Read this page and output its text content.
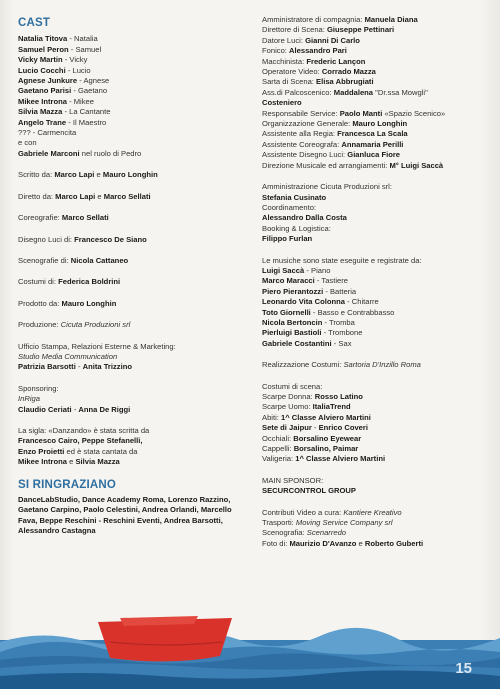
CAST
Natalia Titova - Natalia
Samuel Peron - Samuel
Vicky Martin - Vicky
Lucio Cocchi - Lucio
Agnese Junkure - Agnese
Gaetano Parisi - Gaetano
Mikee Introna - Mikee
Silvia Mazza - La Cantante
Angelo Trane - Il Maestro
??? - Carmencita
e con
Gabriele Marconi nel ruolo di Pedro
Scritto da: Marco Lapi e Mauro Longhin
Diretto da: Marco Lapi e Marco Sellati
Coreografie: Marco Sellati
Disegno Luci di: Francesco De Siano
Scenografie di: Nicola Cattaneo
Costumi di: Federica Boldrini
Prodotto da: Mauro Longhin
Produzione: Cicuta Produzioni srl
Ufficio Stampa, Relazioni Esterne & Marketing:
Studio Media Communication
Patrizia Barsotti - Anita Trizzino
Sponsoring:
InRiga
Claudio Ceriati - Anna De Riggi
La sigla: «Danzando» è stata scritta da
Francesco Cairo, Peppe Stefanelli,
Enzo Proietti ed è stata cantata da
Mikee Introna e Silvia Mazza
SI RINGRAZIANO
DanceLabStudio, Dance Academy Roma, Lorenzo Razzino, Gaetano Carpino, Paolo Celestini, Andrea Orlandi, Marcello Fava, Beppe Reschini - Reschini Eventi, Andrea Barsotti, Alessandro Castagna
Amministratore di compagnia: Manuela Diana
Direttore di Scena: Giuseppe Pettinari
Datore Luci: Gianni Di Carlo
Fonico: Alessandro Pari
Macchinista: Frederic Lançon
Operatore Video: Corrado Mazza
Sarta di Scena: Elisa Abbrugiati
Ass.di Palcoscenico: Maddalena "Dr.ssa Mowgli"
Costeniero
Responsabile Service: Paolo Manti «Spazio Scenico»
Organizzazione Generale: Mauro Longhin
Assistente alla Regia: Francesca La Scala
Assistente Coreografa: Annamaria Perilli
Assistente Disegno Luci: Gianluca Fiore
Direzione Musicale ed arrangiamenti: M° Luigi Saccà
Amministrazione Cicuta Produzioni srl:
Stefania Cusinato
Coordinamento:
Alessandro Dalla Costa
Booking & Logistica:
Filippo Furlan
Le musiche sono state eseguite e registrate da:
Luigi Saccà - Piano
Marco Maracci - Tastiere
Piero Pierantozzi - Batteria
Leonardo Vita Colonna - Chitarre
Toto Giornelli - Basso e Contrabbasso
Nicola Bertoncin - Tromba
Pierluigi Bastioli - Trombone
Gabriele Costantini - Sax
Realizzazione Costumi: Sartoria D'Inzillo Roma
Costumi di scena:
Scarpe Donna: Rosso Latino
Scarpe Uomo: ItaliaTrend
Abiti: 1^ Classe Alviero Martini
Sete di Jaipur - Enrico Coveri
Occhiali: Borsalino Eyewear
Cappelli: Borsalino, Paimar
Valigeria: 1^ Classe Alviero Martini
MAIN SPONSOR:
SECURCONTROL GROUP
Contributi Video a cura: Kantiere Kreativo
Trasporti: Moving Service Company srl
Scenografia: Scenarredo
Foto di: Maurizio D'Avanzo e Roberto Guberti
15
